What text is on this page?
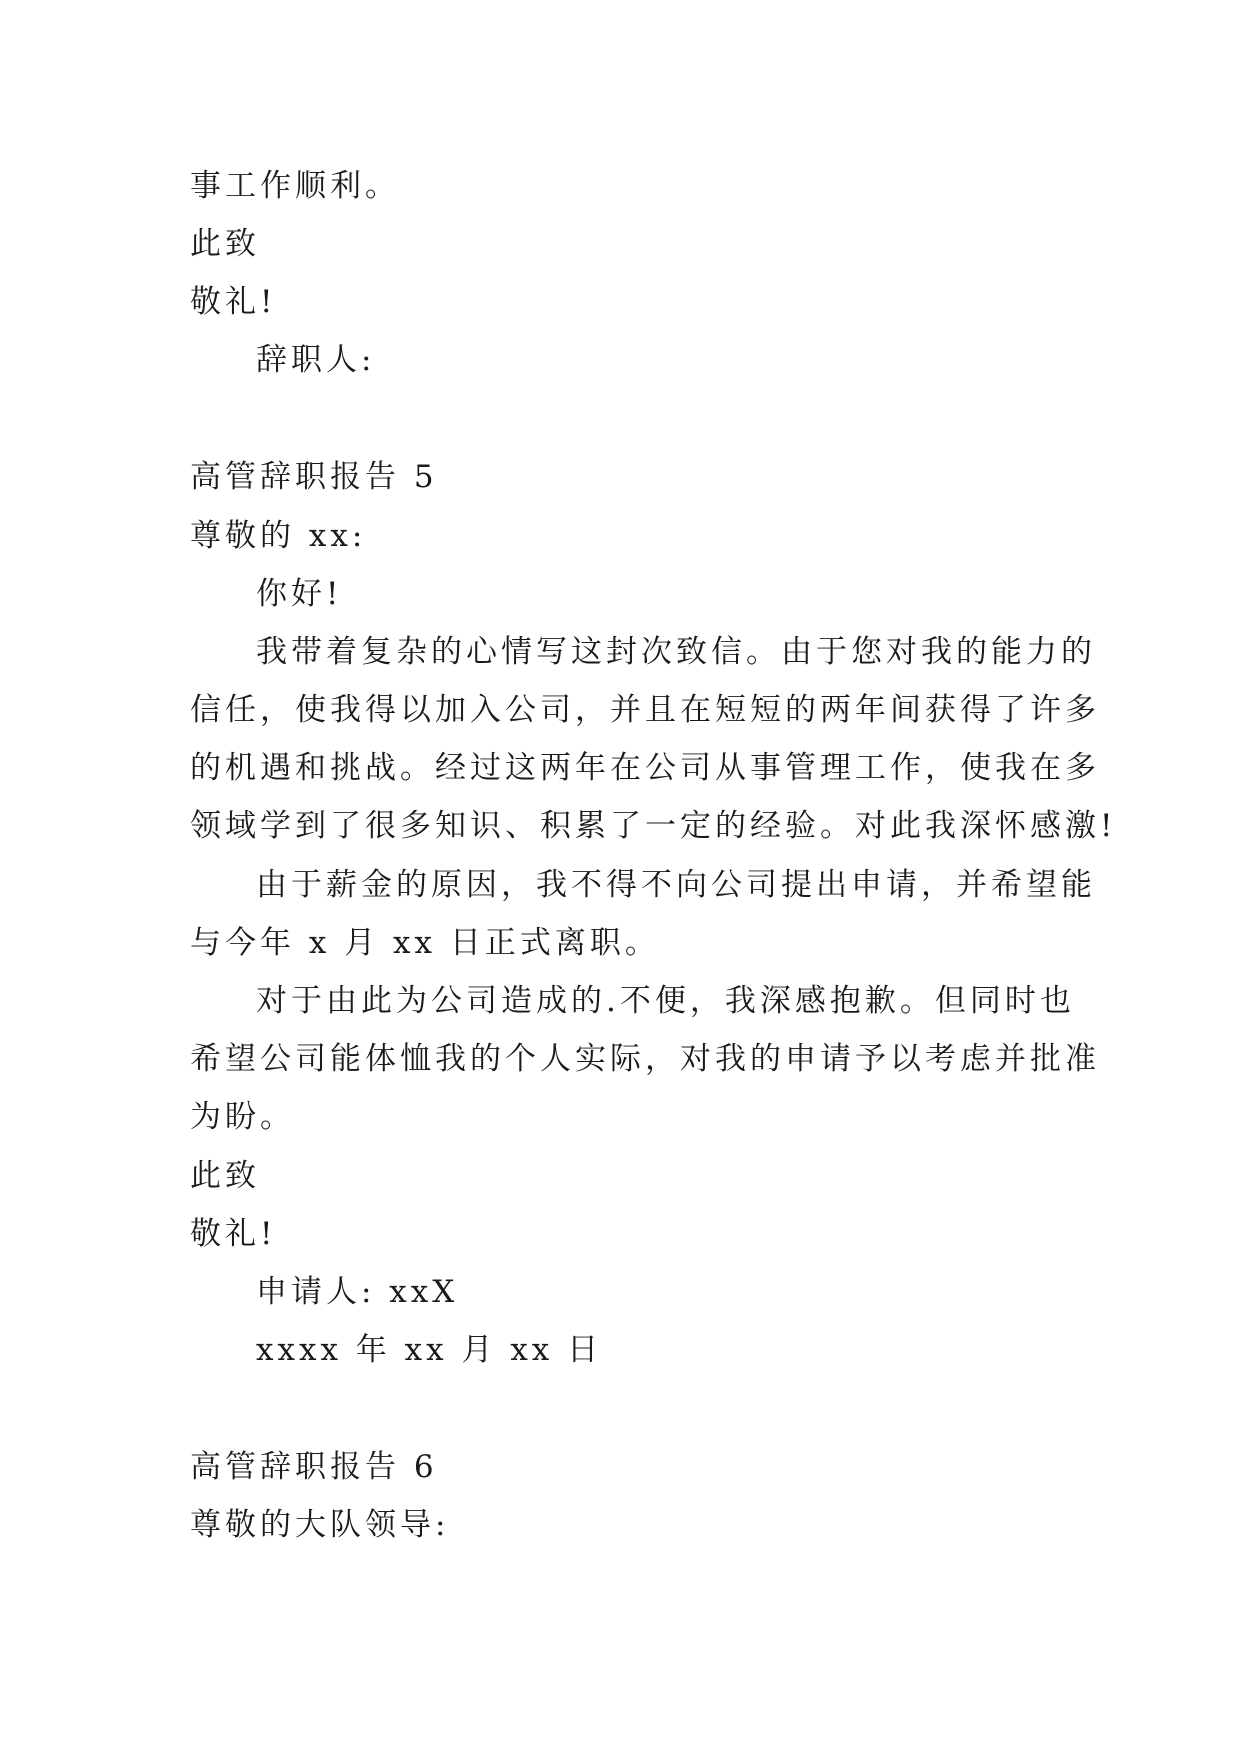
事工作顺利。
此致
敬礼!
辞职人:
高管辞职报告 5
尊敬的 xx:
你好!
我带着复杂的心情写这封次致信。由于您对我的能力的
信任，使我得以加入公司，并且在短短的两年间获得了许多
的机遇和挑战。经过这两年在公司从事管理工作，使我在多
领域学到了很多知识、积累了一定的经验。对此我深怀感激!
由于薪金的原因，我不得不向公司提出申请，并希望能
与今年 x 月 xx 日正式离职。
对于由此为公司造成的.不便，我深感抱歉。但同时也
希望公司能体恤我的个人实际，对我的申请予以考虑并批准
为盼。
此致
敬礼!
申请人: xxX
xxxx 年 xx 月 xx 日
高管辞职报告 6
尊敬的大队领导:
